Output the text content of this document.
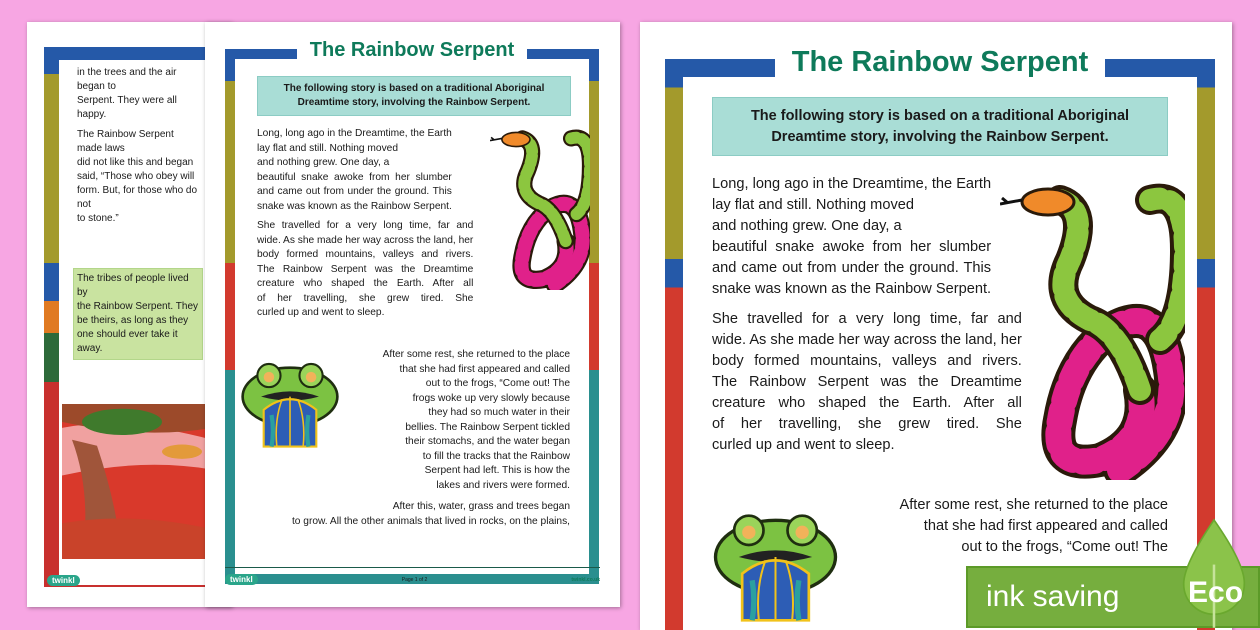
in the trees and the air began to
Serpent. They were all happy.
The Rainbow Serpent made laws
did not like this and began
said, “Those who obey will
form. But, for those who do not
to stone.”
The tribes of people lived by
the Rainbow Serpent. They
be theirs, as long as they
one should ever take it away.
twinkl
The Rainbow Serpent
The following story is based on a traditional Aboriginal
Dreamtime story, involving the Rainbow Serpent.
Long, long ago in the Dreamtime, the Earth
lay flat and still. Nothing moved
and nothing grew. One day, a
beautiful snake awoke from her slumber
and came out from under the ground. This
snake was known as the Rainbow Serpent.
She travelled for a very long time, far and
wide. As she made her way across the land, her
body formed mountains, valleys and rivers.
The Rainbow Serpent was the Dreamtime
creature who shaped the Earth. After all
of her travelling, she grew tired. She
curled up and went to sleep.
After some rest, she returned to the place
that she had first appeared and called
out to the frogs, “Come out! The
frogs woke up very slowly because
they had so much water in their
bellies. The Rainbow Serpent tickled
their stomachs, and the water began
to fill the tracks that the Rainbow
Serpent had left. This is how the
lakes and rivers were formed.
After this, water, grass and trees began
to grow. All the other animals that lived in rocks, on the plains,
twinkl	Page 1 of 2	twinkl.co.uk
The Rainbow Serpent
The following story is based on a traditional Aboriginal
Dreamtime story, involving the Rainbow Serpent.
Long, long ago in the Dreamtime, the Earth
lay flat and still. Nothing moved
and nothing grew. One day, a
beautiful snake awoke from her slumber
and came out from under the ground. This
snake was known as the Rainbow Serpent.
She travelled for a very long time, far and
wide. As she made her way across the land, her
body formed mountains, valleys and rivers.
The Rainbow Serpent was the Dreamtime
creature who shaped the Earth. After all
of her travelling, she grew tired. She
curled up and went to sleep.
After some rest, she returned to the place
that she had first appeared and called
out to the frogs, “Come out! The
ink saving Eco
